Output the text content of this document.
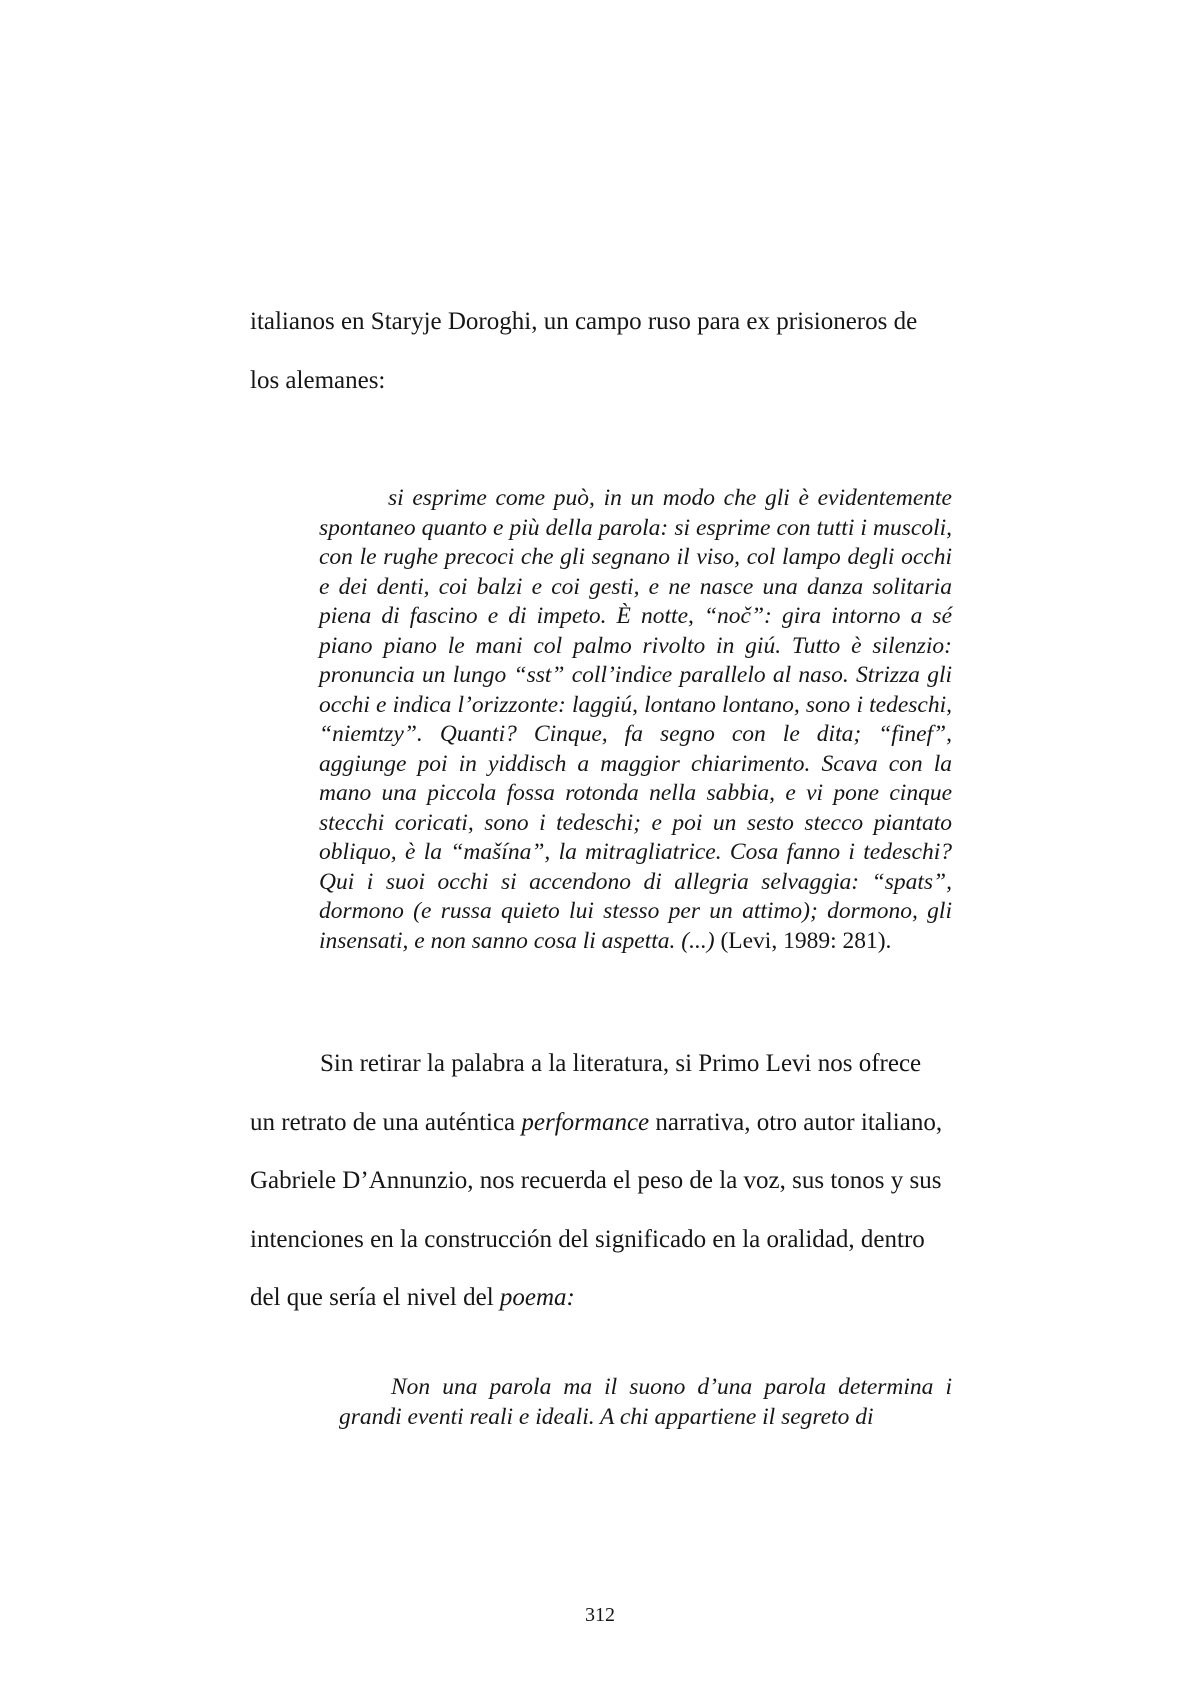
italianos en Staryje Doroghi, un campo ruso para ex prisioneros de los alemanes:

si esprime come può, in un modo che gli è evidentemente spontaneo quanto e più della parola: si esprime con tutti i muscoli, con le rughe precoci che gli segnano il viso, col lampo degli occhi e dei denti, coi balzi e coi gesti, e ne nasce una danza solitaria piena di fascino e di impeto. È notte, “noč”: gira intorno a sé piano piano le mani col palmo rivolto in giú. Tutto è silenzio: pronuncia un lungo “sst” coll’indice parallelo al naso. Strizza gli occhi e indica l’orizzonte: laggiú, lontano lontano, sono i tedeschi, “niemtzy”. Quanti? Cinque, fa segno con le dita; “finef”, aggiunge poi in yiddisch a maggior chiarimento. Scava con la mano una piccola fossa rotonda nella sabbia, e vi pone cinque stecchi coricati, sono i tedeschi; e poi un sesto stecco piantato obliquo, è la “mašína”, la mitragliatrice. Cosa fanno i tedeschi? Qui i suoi occhi si accendono di allegria selvaggia: “spats”, dormono (e russa quieto lui stesso per un attimo); dormono, gli insensati, e non sanno cosa li aspetta. (...) (Levi, 1989: 281).

Sin retirar la palabra a la literatura, si Primo Levi nos ofrece un retrato de una auténtica performance narrativa, otro autor italiano, Gabriele D’Annunzio, nos recuerda el peso de la voz, sus tonos y sus intenciones en la construcción del significado en la oralidad, dentro del que sería el nivel del poema:

Non una parola ma il suono d’una parola determina i grandi eventi reali e ideali. A chi appartiene il segreto di

312
